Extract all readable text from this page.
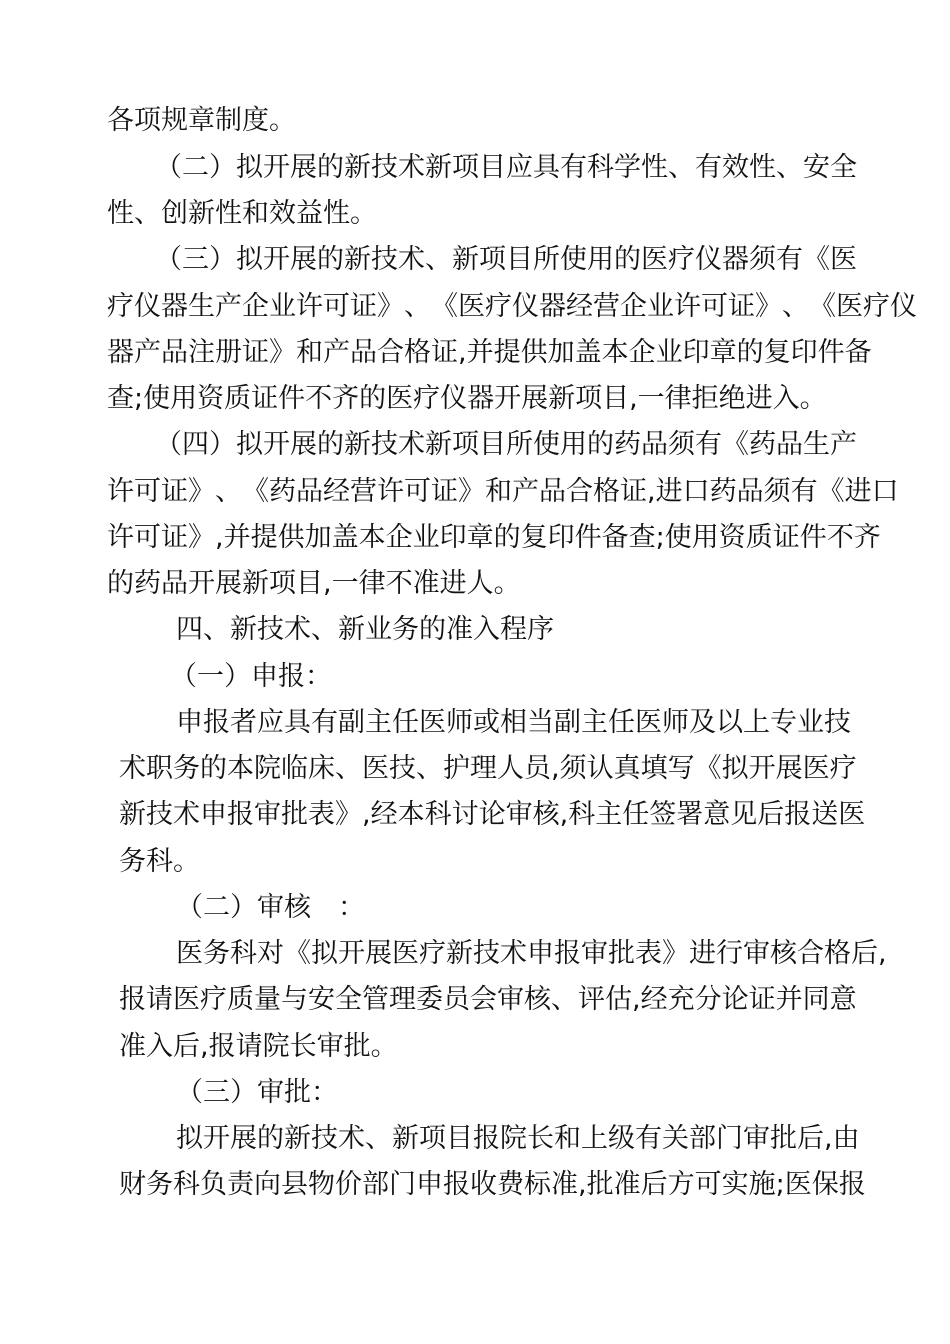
各项规章制度。
（ 二 ） 拟 开 展 的 新 技 术 新 项 目 应 具 有 科 学 性 、 有 效 性 、 安 全
性、创新性和效益性。
（ 三 ） 拟 开 展 的 新 技 术 、 新 项 目 所 使 用 的 医 疗 仪 器 须 有 《 医
疗 仪 器 生 产 企 业 许 可 证 》 、 《 医 疗 仪 器 经 营 企 业 许 可 证 》 、 《 医 疗 仪
器 产 品 注 册 证 》 和 产 品 合 格 证 , 并 提 供 加 盖 本 企 业 印 章 的 复 印 件 备
查;使用资质证件不齐的医疗仪器开展新项目,一律拒绝进入。
（ 四 ） 拟 开 展 的 新 技 术 新 项 目 所 使 用 的 药 品 须 有 《 药 品 生 产
许 可 证 》 、 《 药 品 经 营 许 可 证 》 和 产 品 合 格 证 , 进 口 药 品 须 有 《 进 口
许 可 证 》 , 并 提 供 加 盖 本 企 业 印 章 的 复 印 件 备 查 ; 使 用 资 质 证 件 不 齐
的药品开展新项目,一律不准进人。
四、新技术、新业务的准入程序
（一）申报：
申 报 者 应 具 有 副 主 任 医 师 或 相 当 副 主 任 医 师 及 以 上 专 业 技
术 职 务 的 本 院 临 床 、 医 技 、 护 理 人 员 , 须 认 真 填 写 《 拟 开 展 医 疗
新 技 术 申 报 审 批 表 》 , 经 本 科 讨 论 审 核 , 科 主 任 签 署 意 见 后 报 送 医
务科。
（二）审核　：
医 务 科 对 《 拟 开 展 医 疗 新 技 术 申 报 审 批 表 》 进 行 审 核 合 格 后 ,
报 请 医 疗 质 量 与 安 全 管 理 委 员 会 审 核 、 评 估 , 经 充 分 论 证 并 同 意
准入后,报请院长审批。
（三）审批：
拟 开 展 的 新 技 术 、 新 项 目 报 院 长 和 上 级 有 关 部 门 审 批 后 , 由
财 务 科 负 责 向 县 物 价 部 门 申 报 收 费 标 准 , 批 准 后 方 可 实 施 ; 医 保 报
